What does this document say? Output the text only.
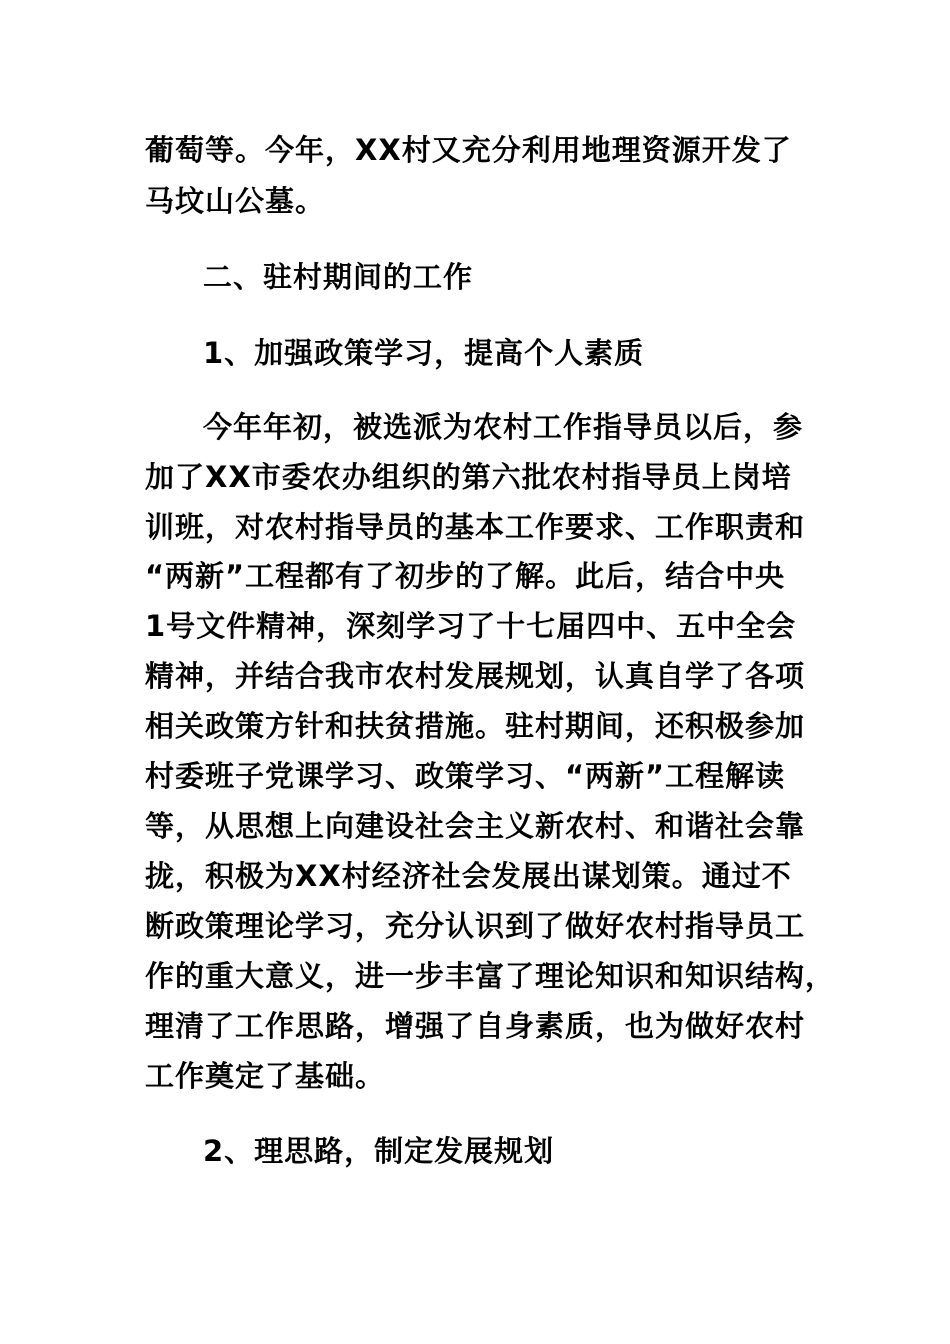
葡萄等。今年，XX村又充分利用地理资源开发了
马坟山公墓。
二、驻村期间的工作
1、加强政策学习，提高个人素质
今年年初，被选派为农村工作指导员以后，参
加了XX市委农办组织的第六批农村指导员上岗培
训班，对农村指导员的基本工作要求、工作职责和
“两新”工程都有了初步的了解。此后，结合中央
1号文件精神，深刻学习了十七届四中、五中全会
精神，并结合我市农村发展规划，认真自学了各项
相关政策方针和扶贫措施。驻村期间，还积极参加
村委班子党课学习、政策学习、“两新”工程解读
等，从思想上向建设社会主义新农村、和谐社会靠
拢，积极为XX村经济社会发展出谋划策。通过不
断政策理论学习，充分认识到了做好农村指导员工
作的重大意义，进一步丰富了理论知识和知识结构，
理清了工作思路，增强了自身素质，也为做好农村
工作奠定了基础。
2、理思路，制定发展规划
